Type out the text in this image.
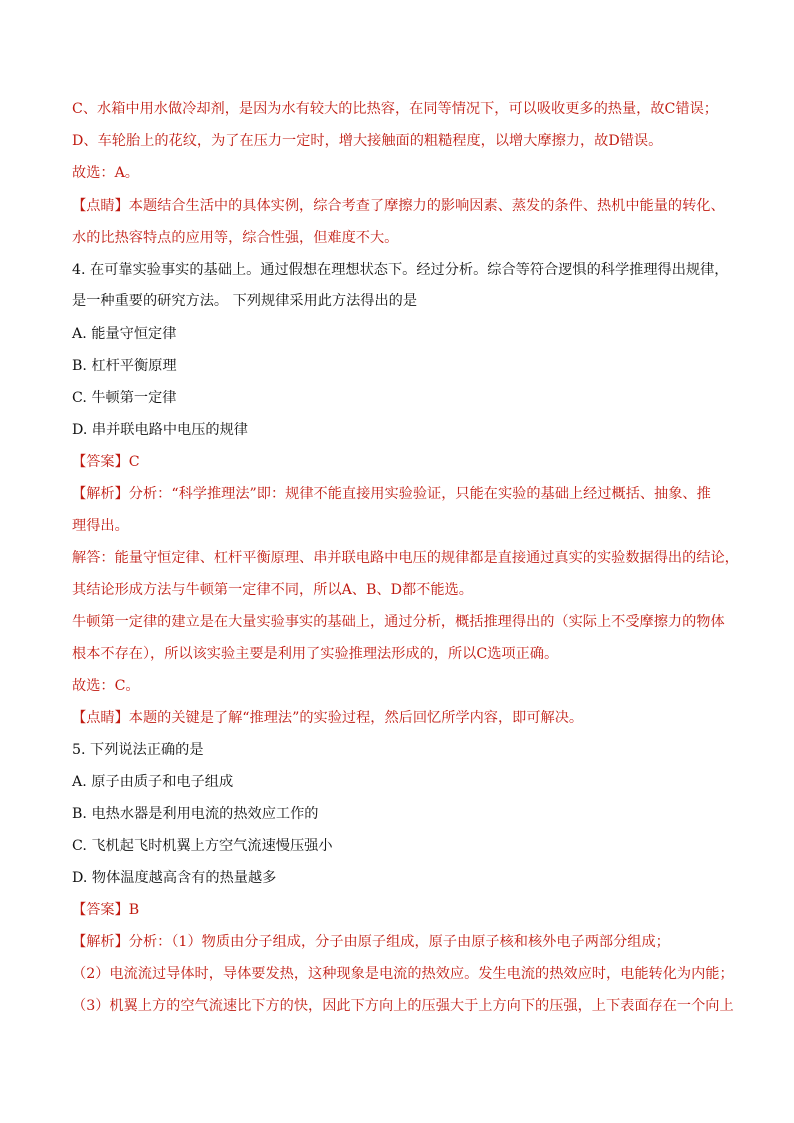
C、水箱中用水做冷却剂，是因为水有较大的比热容，在同等情况下，可以吸收更多的热量，故C错误；
D、车轮胎上的花纹，为了在压力一定时，增大接触面的粗糙程度，以增大摩擦力，故D错误。
故选：A。
【点睛】本题结合生活中的具体实例，综合考查了摩擦力的影响因素、蒸发的条件、热机中能量的转化、
水的比热容特点的应用等，综合性强，但难度不大。
4. 在可靠实验事实的基础上。通过假想在理想状态下。经过分析。综合等符合逻惧的科学推理得出规律，
是一种重要的研究方法。 下列规律采用此方法得出的是
A. 能量守恒定律
B. 杠杆平衡原理
C. 牛顿第一定律
D. 串并联电路中电压的规律
【答案】C
【解析】分析：“科学推理法”即：规律不能直接用实验验证，只能在实验的基础上经过概括、抽象、推
理得出。
解答：能量守恒定律、杠杆平衡原理、串并联电路中电压的规律都是直接通过真实的实验数据得出的结论，
其结论形成方法与牛顿第一定律不同，所以A、B、D都不能选。
牛顿第一定律的建立是在大量实验事实的基础上，通过分析，概括推理得出的（实际上不受摩擦力的物体
根本不存在），所以该实验主要是利用了实验推理法形成的，所以C选项正确。
故选：C。
【点睛】本题的关键是了解“推理法”的实验过程，然后回忆所学内容，即可解决。
5. 下列说法正确的是
A. 原子由质子和电子组成
B. 电热水器是利用电流的热效应工作的
C. 飞机起飞时机翼上方空气流速慢压强小
D. 物体温度越高含有的热量越多
【答案】B
【解析】分析：（1）物质由分子组成，分子由原子组成，原子由原子核和核外电子两部分组成；
（2）电流流过导体时，导体要发热，这种现象是电流的热效应。发生电流的热效应时，电能转化为内能；
（3）机翼上方的空气流速比下方的快，因此下方向上的压强大于上方向下的压强，上下表面存在一个向上
